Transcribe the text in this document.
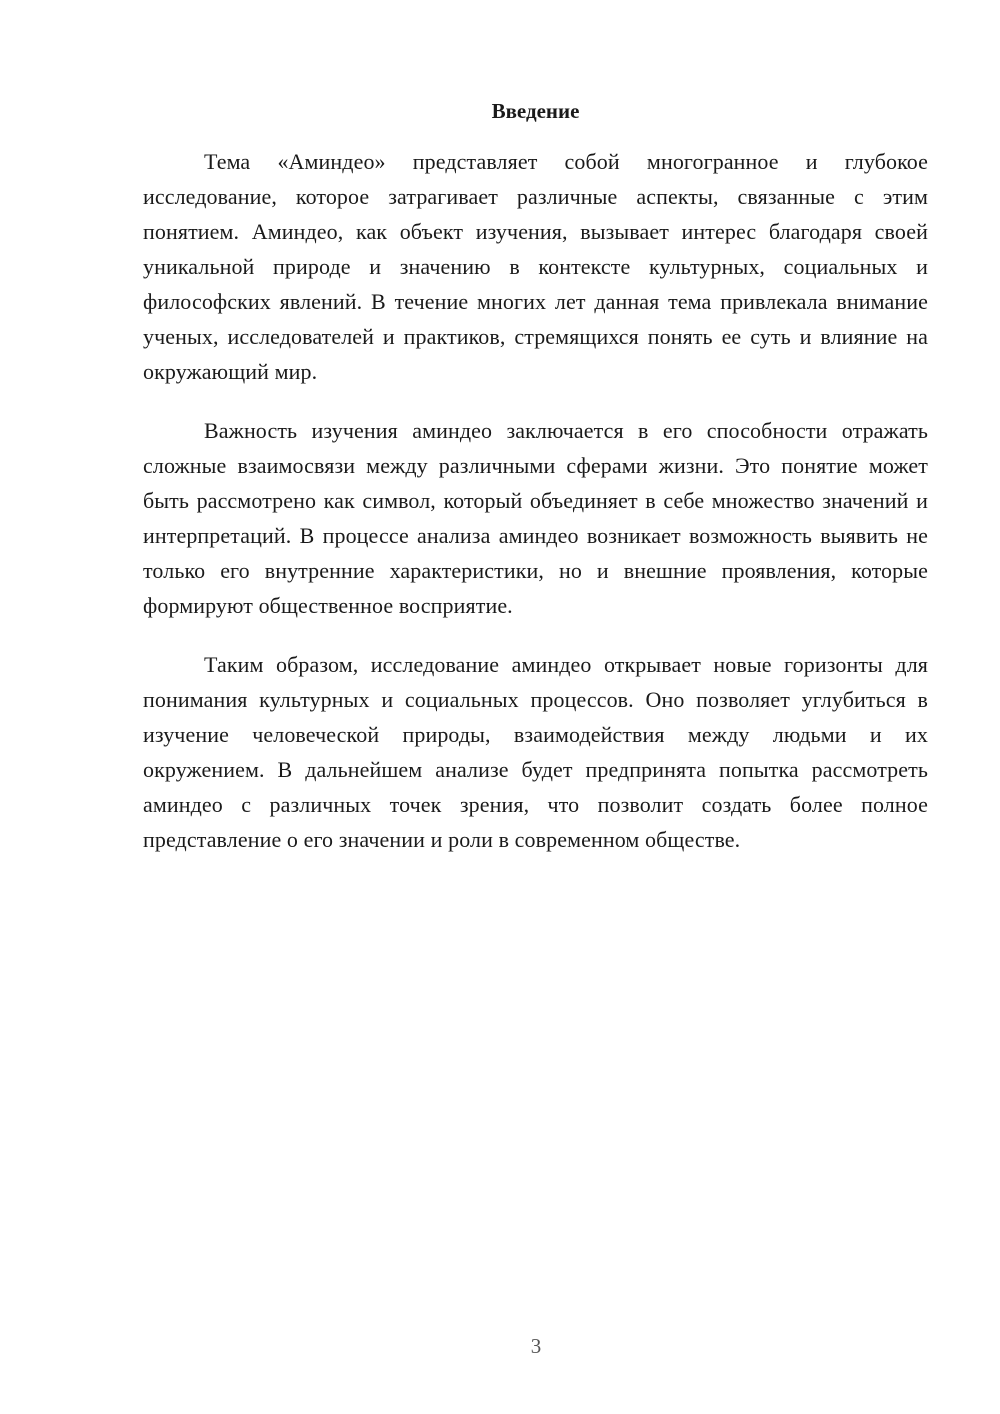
Введение

Тема «Аминдео» представляет собой многогранное и глубокое исследование, которое затрагивает различные аспекты, связанные с этим понятием. Аминдео, как объект изучения, вызывает интерес благодаря своей уникальной природе и значению в контексте культурных, социальных и философских явлений. В течение многих лет данная тема привлекала внимание ученых, исследователей и практиков, стремящихся понять ее суть и влияние на окружающий мир.

Важность изучения аминдео заключается в его способности отражать сложные взаимосвязи между различными сферами жизни. Это понятие может быть рассмотрено как символ, который объединяет в себе множество значений и интерпретаций. В процессе анализа аминдео возникает возможность выявить не только его внутренние характеристики, но и внешние проявления, которые формируют общественное восприятие.

Таким образом, исследование аминдео открывает новые горизонты для понимания культурных и социальных процессов. Оно позволяет углубиться в изучение человеческой природы, взаимодействия между людьми и их окружением. В дальнейшем анализе будет предпринята попытка рассмотреть аминдео с различных точек зрения, что позволит создать более полное представление о его значении и роли в современном обществе.

3
